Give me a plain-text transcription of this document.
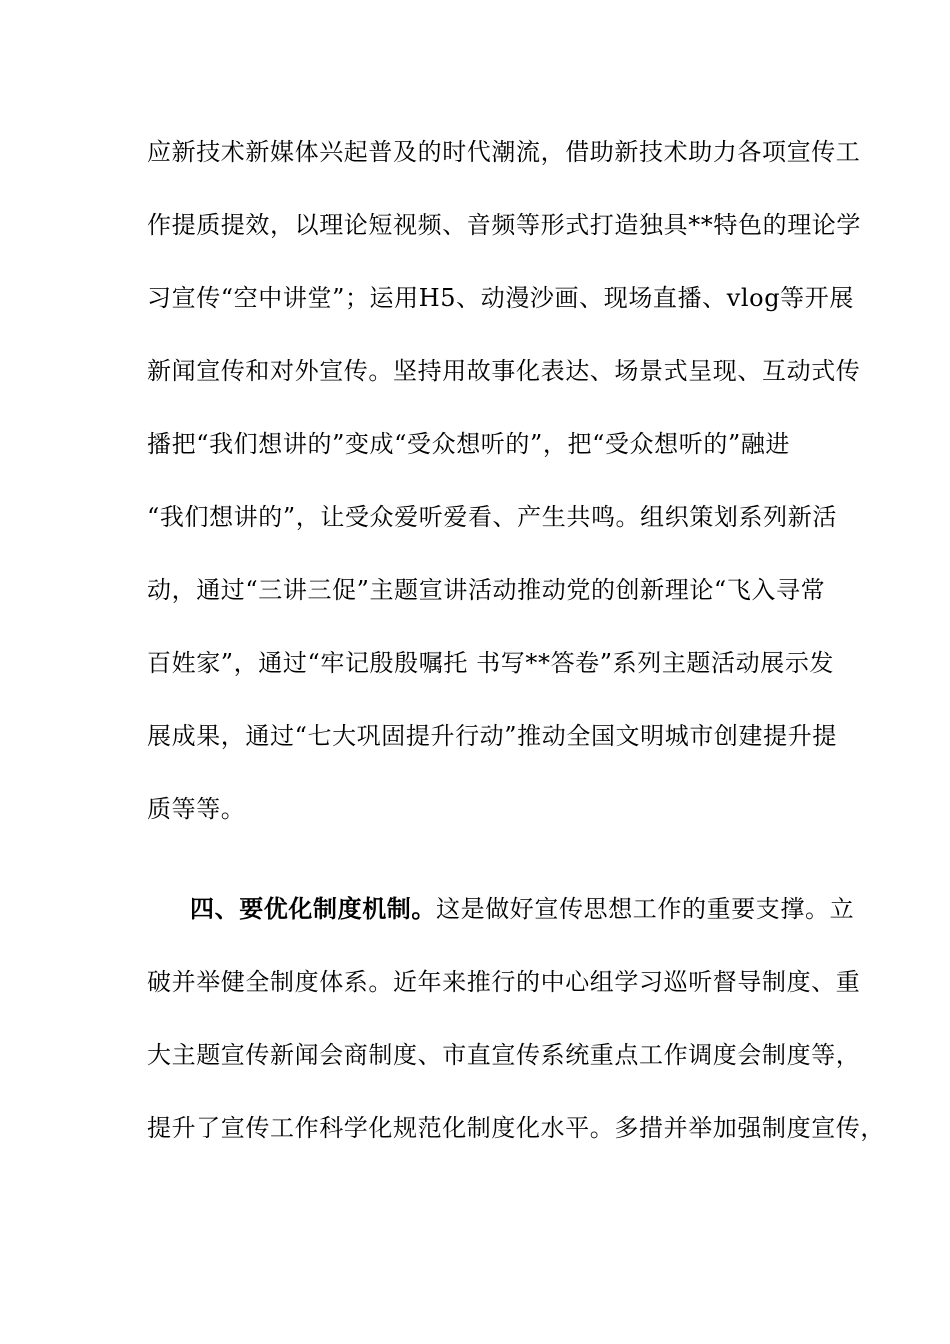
应新技术新媒体兴起普及的时代潮流，借助新技术助力各项宣传工
作提质提效，以理论短视频、音频等形式打造独具**特色的理论学
习宣传“空中讲堂”；运用H5、动漫沙画、现场直播、vlog等开展
新闻宣传和对外宣传。坚持用故事化表达、场景式呈现、互动式传
播把“我们想讲的”变成“受众想听的”，把“受众想听的”融进
“我们想讲的”，让受众爱听爱看、产生共鸣。组织策划系列新活
动，通过“三讲三促”主题宣讲活动推动党的创新理论“飞入寻常
百姓家”，通过“牢记殷殷嘱托 书写**答卷”系列主题活动展示发
展成果，通过“七大巩固提升行动”推动全国文明城市创建提升提
质等等。
四、要优化制度机制。这是做好宣传思想工作的重要支撑。立
破并举健全制度体系。近年来推行的中心组学习巡听督导制度、重
大主题宣传新闻会商制度、市直宣传系统重点工作调度会制度等，
提升了宣传工作科学化规范化制度化水平。多措并举加强制度宣传，
